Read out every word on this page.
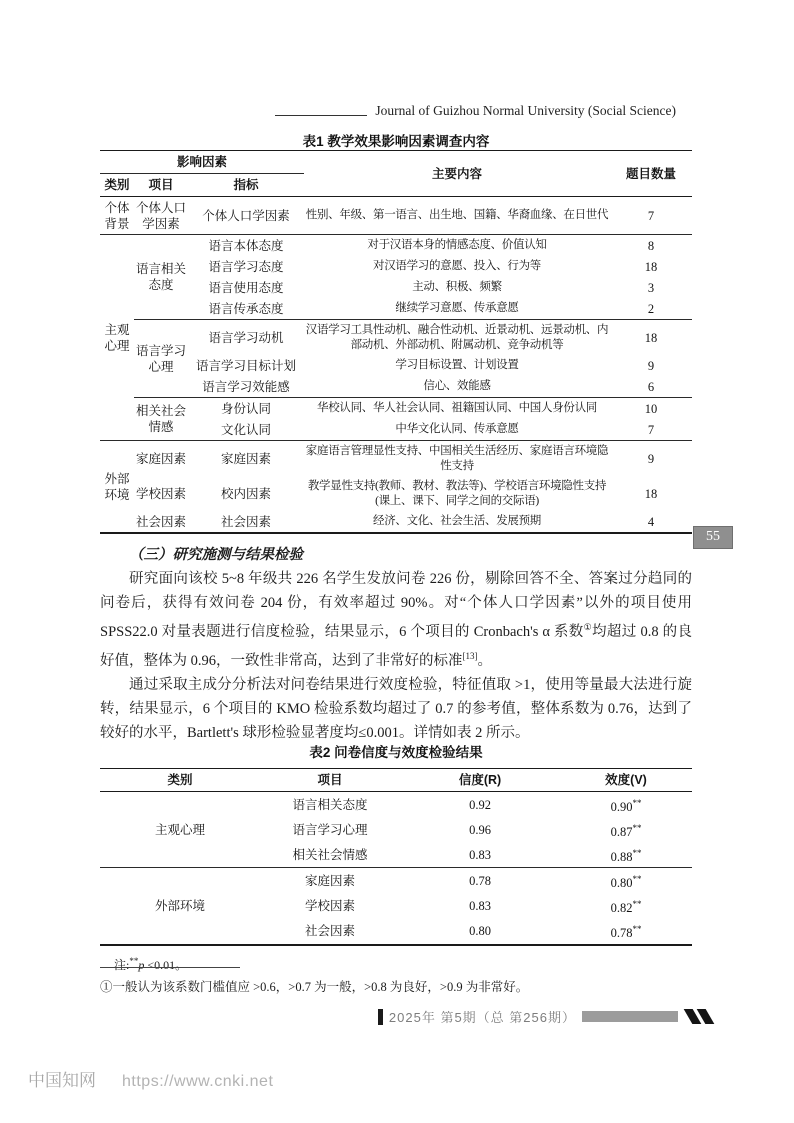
Journal of Guizhou Normal University (Social Science)
表1 教学效果影响因素调查内容
影响因素			主要内容	题目数量
类别	项目	指标		
个体背景	个体人口学因素	个体人口学因素	性别、年级、第一语言、出生地、国籍、华裔血缘、在日世代	7
主观心理	语言相关态度	语言本体态度	对于汉语本身的情感态度、价值认知	8
		语言学习态度	对汉语学习的意愿、投入、行为等	18
		语言使用态度	主动、积极、频繁	3
		语言传承态度	继续学习意愿、传承意愿	2
	语言学习心理	语言学习动机	汉语学习工具性动机、融合性动机、近景动机、远景动机、内部动机、外部动机、附属动机、竞争动机等	18
		语言学习目标计划	学习目标设置、计划设置	9
		语言学习效能感	信心、效能感	6
	相关社会情感	身份认同	华校认同、华人社会认同、祖籍国认同、中国人身份认同	10
		文化认同	中华文化认同、传承意愿	7
外部环境	家庭因素	家庭因素	家庭语言管理显性支持、中国相关生活经历、家庭语言环境隐性支持	9
	学校因素	校内因素	教学显性支持(教师、教材、教法等)、学校语言环境隐性支持(课上、课下、同学之间的交际语)	18
	社会因素	社会因素	经济、文化、社会生活、发展预期	4
55

（三）研究施测与结果检验

研究面向该校 5~8 年级共 226 名学生发放问卷 226 份，剔除回答不全、答案过分趋同的问卷后，获得有效问卷 204 份，有效率超过 90%。对“个体人口学因素”以外的项目使用 SPSS22.0 对量表题进行信度检验，结果显示，6 个项目的 Cronbach's α 系数①均超过 0.8 的良好值，整体为 0.96，一致性非常高，达到了非常好的标准[13]。

通过采取主成分分析法对问卷结果进行效度检验，特征值取 >1，使用等量最大法进行旋转，结果显示，6 个项目的 KMO 检验系数均超过了 0.7 的参考值，整体系数为 0.76，达到了较好的水平，Bartlett's 球形检验显著度均≤0.001。详情如表 2 所示。

表2 问卷信度与效度检验结果
类别	项目	信度(R)	效度(V)
主观心理	语言相关态度	0.92	0.90**
	语言学习心理	0.96	0.87**
	相关社会情感	0.83	0.88**
外部环境	家庭因素	0.78	0.80**
	学校因素	0.83	0.82**
	社会因素	0.80	0.78**
注:**p <0.01。
①一般认为该系数门槛值应 >0.6，>0.7 为一般，>0.8 为良好，>0.9 为非常好。
2025年 第5期（总 第256期）
中国知网 https://www.cnki.net
